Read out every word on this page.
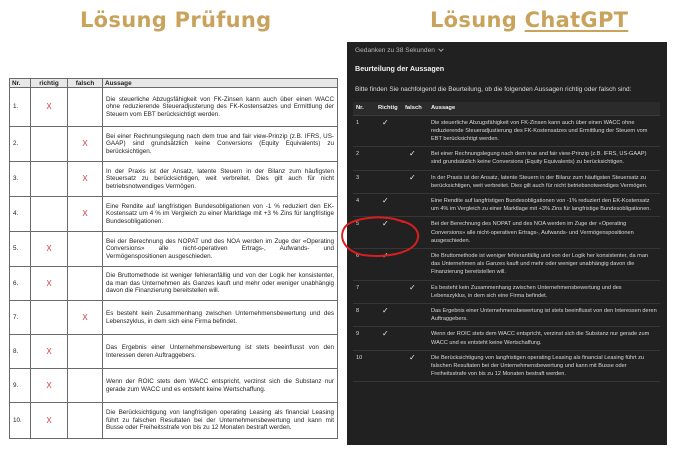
Lösung Prüfung	Lösung ChatGPT
Nr.	richtig	falsch	Aussage
1.	X		Die steuerliche Abzugsfähigkeit von FK-Zinsen kann auch über einen WACC ohne reduzierende Steueradjusterung des FK-Kostensatzes und Ermittlung der Steuern vom EBT berücksichtigt werden.
2.		X	Bei einer Rechnungslegung nach dem true and fair view-Prinzip (z.B. IFRS, US-GAAP) sind grundsätzlich keine Conversions (Equity Equivalents) zu berücksichtigen.
3.		X	In der Praxis ist der Ansatz, latente Steuern in der Bilanz zum häufigsten Steuersatz zu berücksichtigen, weit verbreitet. Dies gilt auch für nicht betriebsnotwendiges Vermögen.
4.		X	Eine Rendite auf langfristigen Bundesobligationen von -1 % reduziert den EK-Kostensatz um 4 % im Vergleich zu einer Marktlage mit +3 % Zins für langfristige Bundesobligationen.
5.	X		Bei der Berechnung des NOPAT und des NOA werden im Zuge der «Operating Conversions» alle nicht-operativen Ertrags-, Aufwands- und Vermögenspositionen ausgeschieden.
6.	X		Die Bruttomethode ist weniger fehleranfällig und von der Logik her konsistenter, da man das Unternehmen als Ganzes kauft und mehr oder weniger unabhängig davon die Finanzierung bereitstellen will.
7.		X	Es besteht kein Zusammenhang zwischen Unternehmensbewertung und des Lebenszyklus, in dem sich eine Firma befindet.
8.	X		Das Ergebnis einer Unternehmensbewertung ist stets beeinflusst von den Interessen deren Auftraggebers.
9.	X		Wenn der ROIC stets dem WACC entspricht, verzinst sich die Substanz nur gerade zum WACC und es entsteht keine Wertschaffung.
10.	X		Die Berücksichtigung von langfristigen operating Leasing als financial Leasing führt zu falschen Resultaten bei der Unternehmensbewertung und kann mit Busse oder Freiheitsstrafe von bis zu 12 Monaten bestraft werden.
Gedanken zu 38 Sekunden
Beurteilung der Aussagen
Bitte finden Sie nachfolgend die Beurteilung, ob die folgenden Aussagen richtig oder falsch sind:
Nr.	Richtig	falsch	Aussage
1	✓		Die steuerliche Abzugsfähigkeit von FK-Zinsen kann auch über einen WACC ohne reduzierende Steueradjustierung des FK-Kostensatzes und Ermittlung der Steuern vom EBT berücksichtigt werden.
2		✓	Bei einer Rechnungslegung nach dem true and fair view-Prinzip (z.B. IFRS, US-GAAP) sind grundsätzlich keine Conversions (Equity Equivalents) zu berücksichtigen.
3		✓	In der Praxis ist der Ansatz, latente Steuern in der Bilanz zum häufigsten Steuersatz zu berücksichtigen, weit verbreitet. Dies gilt auch für nicht betriebsnotwendiges Vermögen.
4	✓		Eine Rendite auf langfristigen Bundesobligationen von -1% reduziert den EK-Kostensatz um 4% im Vergleich zu einer Marktlage mit +3% Zins für langfristige Bundesobligationen.
5	✓		Bei der Berechnung des NOPAT und des NOA werden im Zuge der «Operating Conversions» alle nicht-operativen Ertrags-, Aufwands- und Vermögenspositionen ausgeschieden.
6	✓		Die Bruttomethode ist weniger fehleranfällig und von der Logik her konsistenter, da man das Unternehmen als Ganzes kauft und mehr oder weniger unabhängig davon die Finanzierung bereitstellen will.
7		✓	Es besteht kein Zusammenhang zwischen Unternehmensbewertung und des Lebenszyklus, in dem sich eine Firma befindet.
8	✓		Das Ergebnis einer Unternehmensbewertung ist stets beeinflusst von den Interessen deren Auftraggebers.
9	✓		Wenn der ROIC stets dem WACC entspricht, verzinst sich die Substanz nur gerade zum WACC und es entsteht keine Wertschaffung.
10		✓	Die Berücksichtigung von langfristigen operating Leasing als financial Leasing führt zu falschen Resultaten bei der Unternehmensbewertung und kann mit Busse oder Freiheitsstrafe von bis zu 12 Monaten bestraft werden.
